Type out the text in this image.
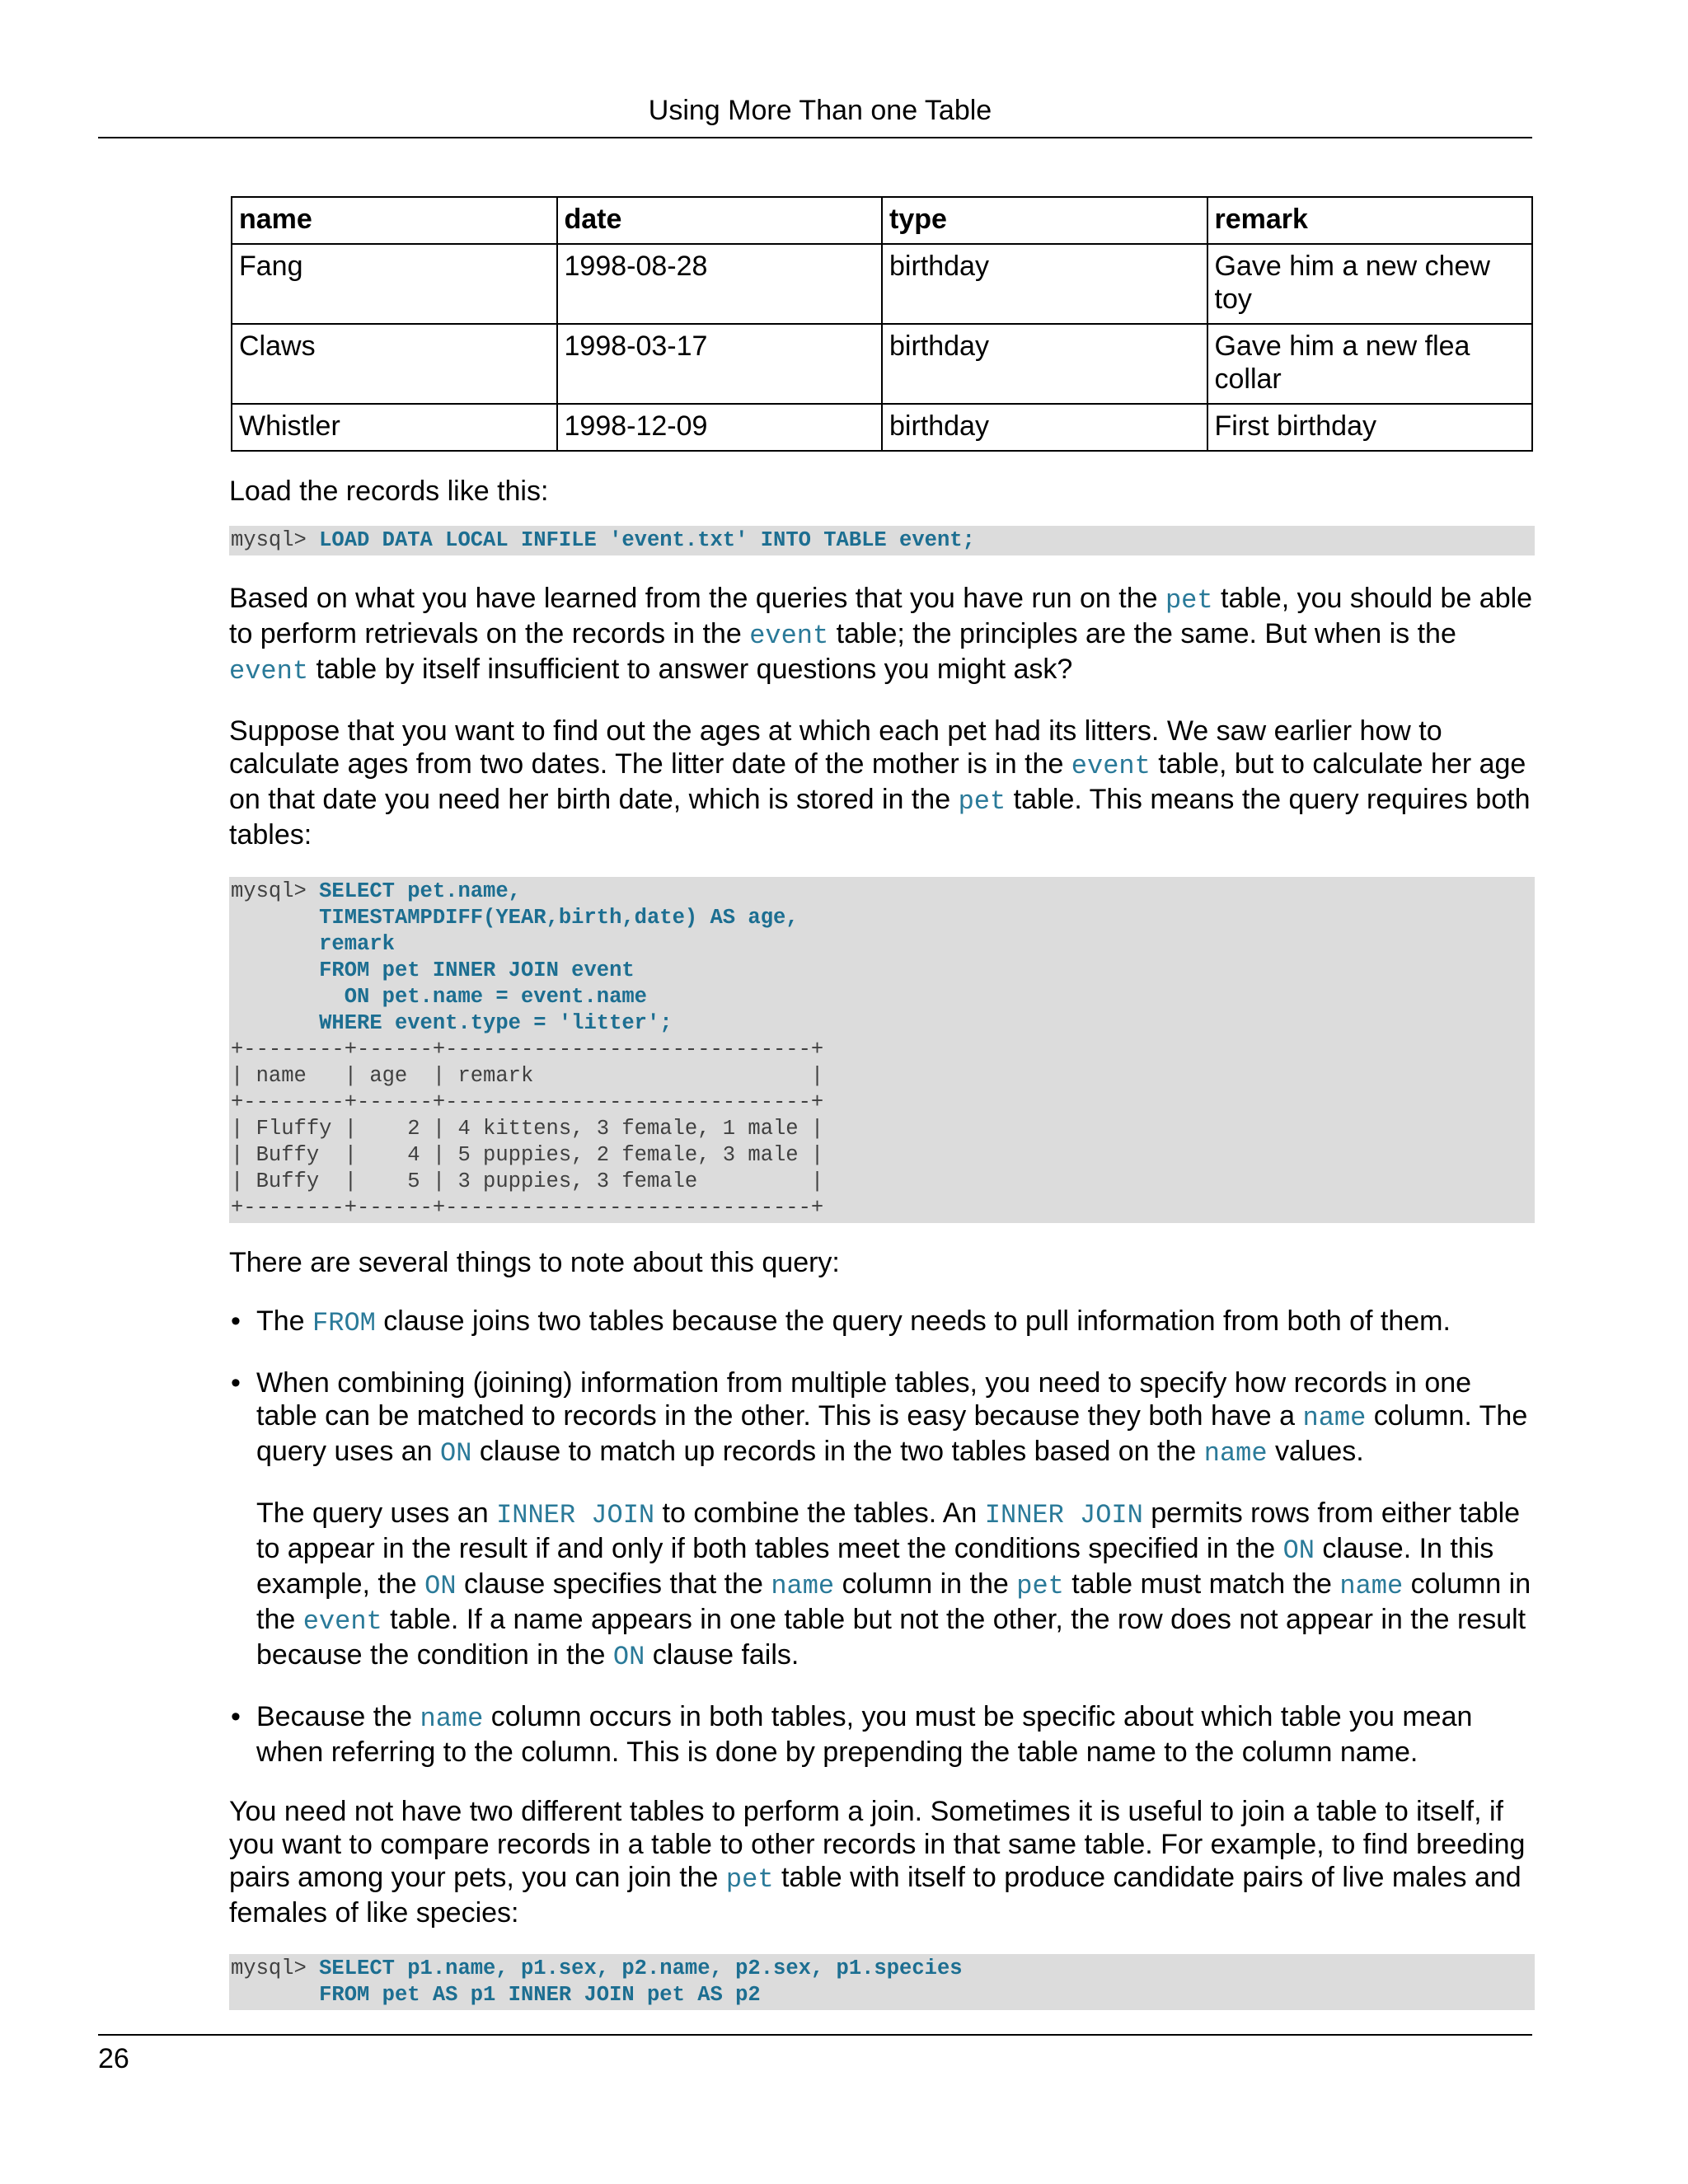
Using More Than one Table
name	date	type	remark
Fang	1998-08-28	birthday	Gave him a new chew toy
Claws	1998-03-17	birthday	Gave him a new flea collar
Whistler	1998-12-09	birthday	First birthday

Load the records like this:

mysql> LOAD DATA LOCAL INFILE 'event.txt' INTO TABLE event;

Based on what you have learned from the queries that you have run on the pet table, you should be able to perform retrievals on the records in the event table; the principles are the same. But when is the event table by itself insufficient to answer questions you might ask?

Suppose that you want to find out the ages at which each pet had its litters. We saw earlier how to calculate ages from two dates. The litter date of the mother is in the event table, but to calculate her age on that date you need her birth date, which is stored in the pet table. This means the query requires both tables:

mysql> SELECT pet.name,
TIMESTAMPDIFF(YEAR,birth,date) AS age,
remark
FROM pet INNER JOIN event
ON pet.name = event.name
WHERE event.type = 'litter';
+--------+------+-----------------------------+
| name   | age  | remark                      |
+--------+------+-----------------------------+
| Fluffy |    2 | 4 kittens, 3 female, 1 male |
| Buffy  |    4 | 5 puppies, 2 female, 3 male |
| Buffy  |    5 | 3 puppies, 3 female         |
+--------+------+-----------------------------+

There are several things to note about this query:

• The FROM clause joins two tables because the query needs to pull information from both of them.

• When combining (joining) information from multiple tables, you need to specify how records in one table can be matched to records in the other. This is easy because they both have a name column. The query uses an ON clause to match up records in the two tables based on the name values.

The query uses an INNER JOIN to combine the tables. An INNER JOIN permits rows from either table to appear in the result if and only if both tables meet the conditions specified in the ON clause. In this example, the ON clause specifies that the name column in the pet table must match the name column in the event table. If a name appears in one table but not the other, the row does not appear in the result because the condition in the ON clause fails.

• Because the name column occurs in both tables, you must be specific about which table you mean when referring to the column. This is done by prepending the table name to the column name.

You need not have two different tables to perform a join. Sometimes it is useful to join a table to itself, if you want to compare records in a table to other records in that same table. For example, to find breeding pairs among your pets, you can join the pet table with itself to produce candidate pairs of live males and females of like species:

mysql> SELECT p1.name, p1.sex, p2.name, p2.sex, p1.species
FROM pet AS p1 INNER JOIN pet AS p2
26
